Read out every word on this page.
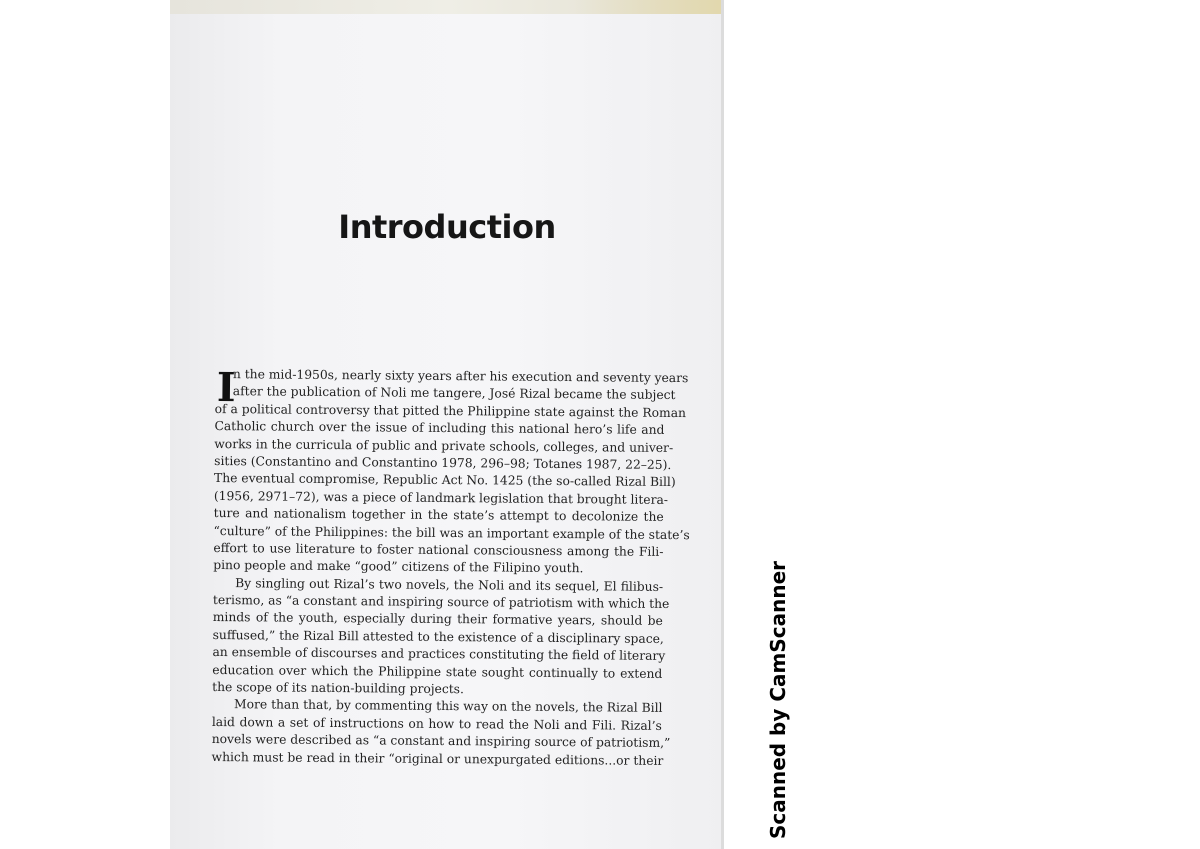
Introduction
I
n the mid-1950s, nearly sixty years after his execution and seventy years
after the publication of Noli me tangere, José Rizal became the subject
of a political controversy that pitted the Philippine state against the Roman
Catholic church over the issue of including this national hero’s life and
works in the curricula of public and private schools, colleges, and univer-
sities (Constantino and Constantino 1978, 296–98; Totanes 1987, 22–25).
The eventual compromise, Republic Act No. 1425 (the so-called Rizal Bill)
(1956, 2971–72), was a piece of landmark legislation that brought litera-
ture and nationalism together in the state’s attempt to decolonize the
“culture” of the Philippines: the bill was an important example of the state’s
effort to use literature to foster national consciousness among the Fili-
pino people and make “good” citizens of the Filipino youth.
By singling out Rizal’s two novels, the Noli and its sequel, El filibus-
terismo, as “a constant and inspiring source of patriotism with which the
minds of the youth, especially during their formative years, should be
suffused,” the Rizal Bill attested to the existence of a disciplinary space,
an ensemble of discourses and practices constituting the field of literary
education over which the Philippine state sought continually to extend
the scope of its nation-building projects.
More than that, by commenting this way on the novels, the Rizal Bill
laid down a set of instructions on how to read the Noli and Fili. Rizal’s
novels were described as “a constant and inspiring source of patriotism,”
which must be read in their “original or unexpurgated editions...or their	Scanned by CamScanner
